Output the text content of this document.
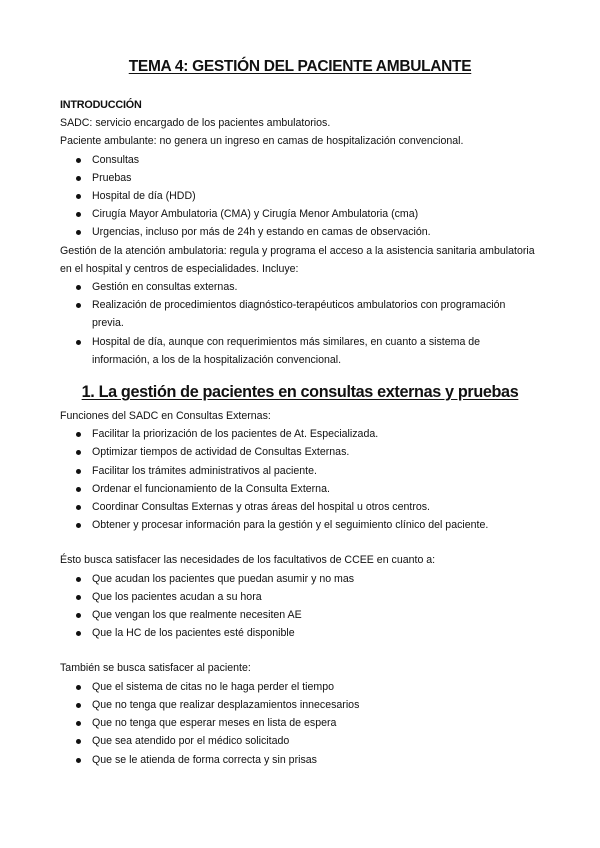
TEMA 4: GESTIÓN DEL PACIENTE AMBULANTE

INTRODUCCIÓN

SADC: servicio encargado de los pacientes ambulatorios.

Paciente ambulante: no genera un ingreso en camas de hospitalización convencional.

Consultas
Pruebas
Hospital de día (HDD)
Cirugía Mayor Ambulatoria (CMA) y Cirugía Menor Ambulatoria (cma)
Urgencias, incluso por más de 24h y estando en camas de observación.

Gestión de la atención ambulatoria: regula y programa el acceso a la asistencia sanitaria ambulatoria en el hospital y centros de especialidades. Incluye:

Gestión en consultas externas.
Realización de procedimientos diagnóstico-terapéuticos ambulatorios con programación previa.
Hospital de día, aunque con requerimientos más similares, en cuanto a sistema de información, a los de la hospitalización convencional.
1. La gestión de pacientes en consultas externas y pruebas

Funciones del SADC en Consultas Externas:

Facilitar la priorización de los pacientes de At. Especializada.
Optimizar tiempos de actividad de Consultas Externas.
Facilitar los trámites administrativos al paciente.
Ordenar el funcionamiento de la Consulta Externa.
Coordinar Consultas Externas y otras áreas del hospital u otros centros.
Obtener y procesar información para la gestión y el seguimiento clínico del paciente.

Ésto busca satisfacer las necesidades de los facultativos de CCEE en cuanto a:

Que acudan los pacientes que puedan asumir y no mas
Que los pacientes acudan a su hora
Que vengan los que realmente necesiten AE
Que la HC de los pacientes esté disponible

También se busca satisfacer al paciente:

Que el sistema de citas no le haga perder el tiempo
Que no tenga que realizar desplazamientos innecesarios
Que no tenga que esperar meses en lista de espera
Que sea atendido por el médico solicitado
Que se le atienda de forma correcta y sin prisas
